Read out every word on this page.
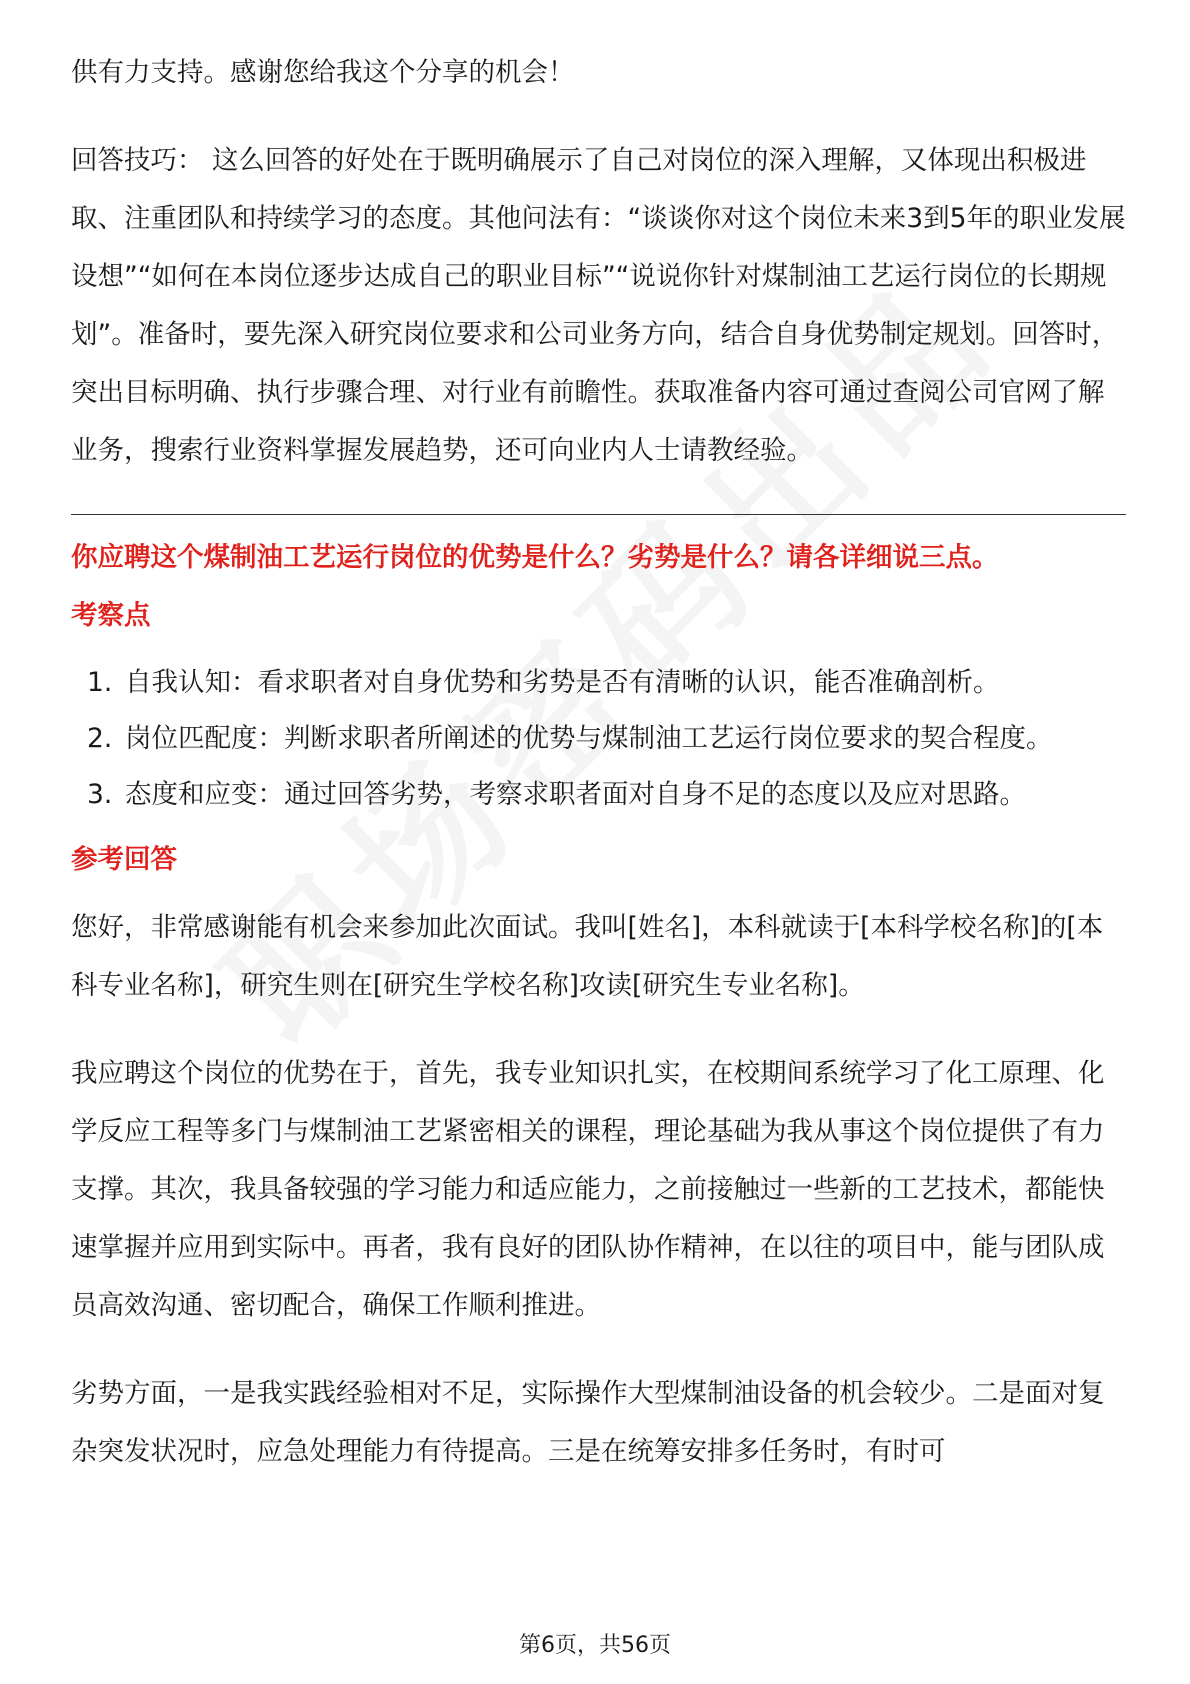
供有力支持。感谢您给我这个分享的机会！

回答技巧： 这么回答的好处在于既明确展示了自己对岗位的深入理解，又体现出积极进取、注重团队和持续学习的态度。其他问法有：“谈谈你对这个岗位未来3到5年的职业发展设想”“如何在本岗位逐步达成自己的职业目标”“说说你针对煤制油工艺运行岗位的长期规划”。准备时，要先深入研究岗位要求和公司业务方向，结合自身优势制定规划。回答时，突出目标明确、执行步骤合理、对行业有前瞻性。获取准备内容可通过查阅公司官网了解业务，搜索行业资料掌握发展趋势，还可向业内人士请教经验。

你应聘这个煤制油工艺运行岗位的优势是什么？劣势是什么？请各详细说三点。

考察点

1. 自我认知：看求职者对自身优势和劣势是否有清晰的认识，能否准确剖析。
2. 岗位匹配度：判断求职者所阐述的优势与煤制油工艺运行岗位要求的契合程度。
3. 态度和应变：通过回答劣势，考察求职者面对自身不足的态度以及应对思路。

参考回答

您好，非常感谢能有机会来参加此次面试。我叫[姓名]，本科就读于[本科学校名称]的[本科专业名称]，研究生则在[研究生学校名称]攻读[研究生专业名称]。

我应聘这个岗位的优势在于，首先，我专业知识扎实，在校期间系统学习了化工原理、化学反应工程等多门与煤制油工艺紧密相关的课程，理论基础为我从事这个岗位提供了有力支撑。其次，我具备较强的学习能力和适应能力，之前接触过一些新的工艺技术，都能快速掌握并应用到实际中。再者，我有良好的团队协作精神，在以往的项目中，能与团队成员高效沟通、密切配合，确保工作顺利推进。

劣势方面，一是我实践经验相对不足，实际操作大型煤制油设备的机会较少。二是面对复杂突发状况时，应急处理能力有待提高。三是在统筹安排多任务时，有时可

第6页，共56页
